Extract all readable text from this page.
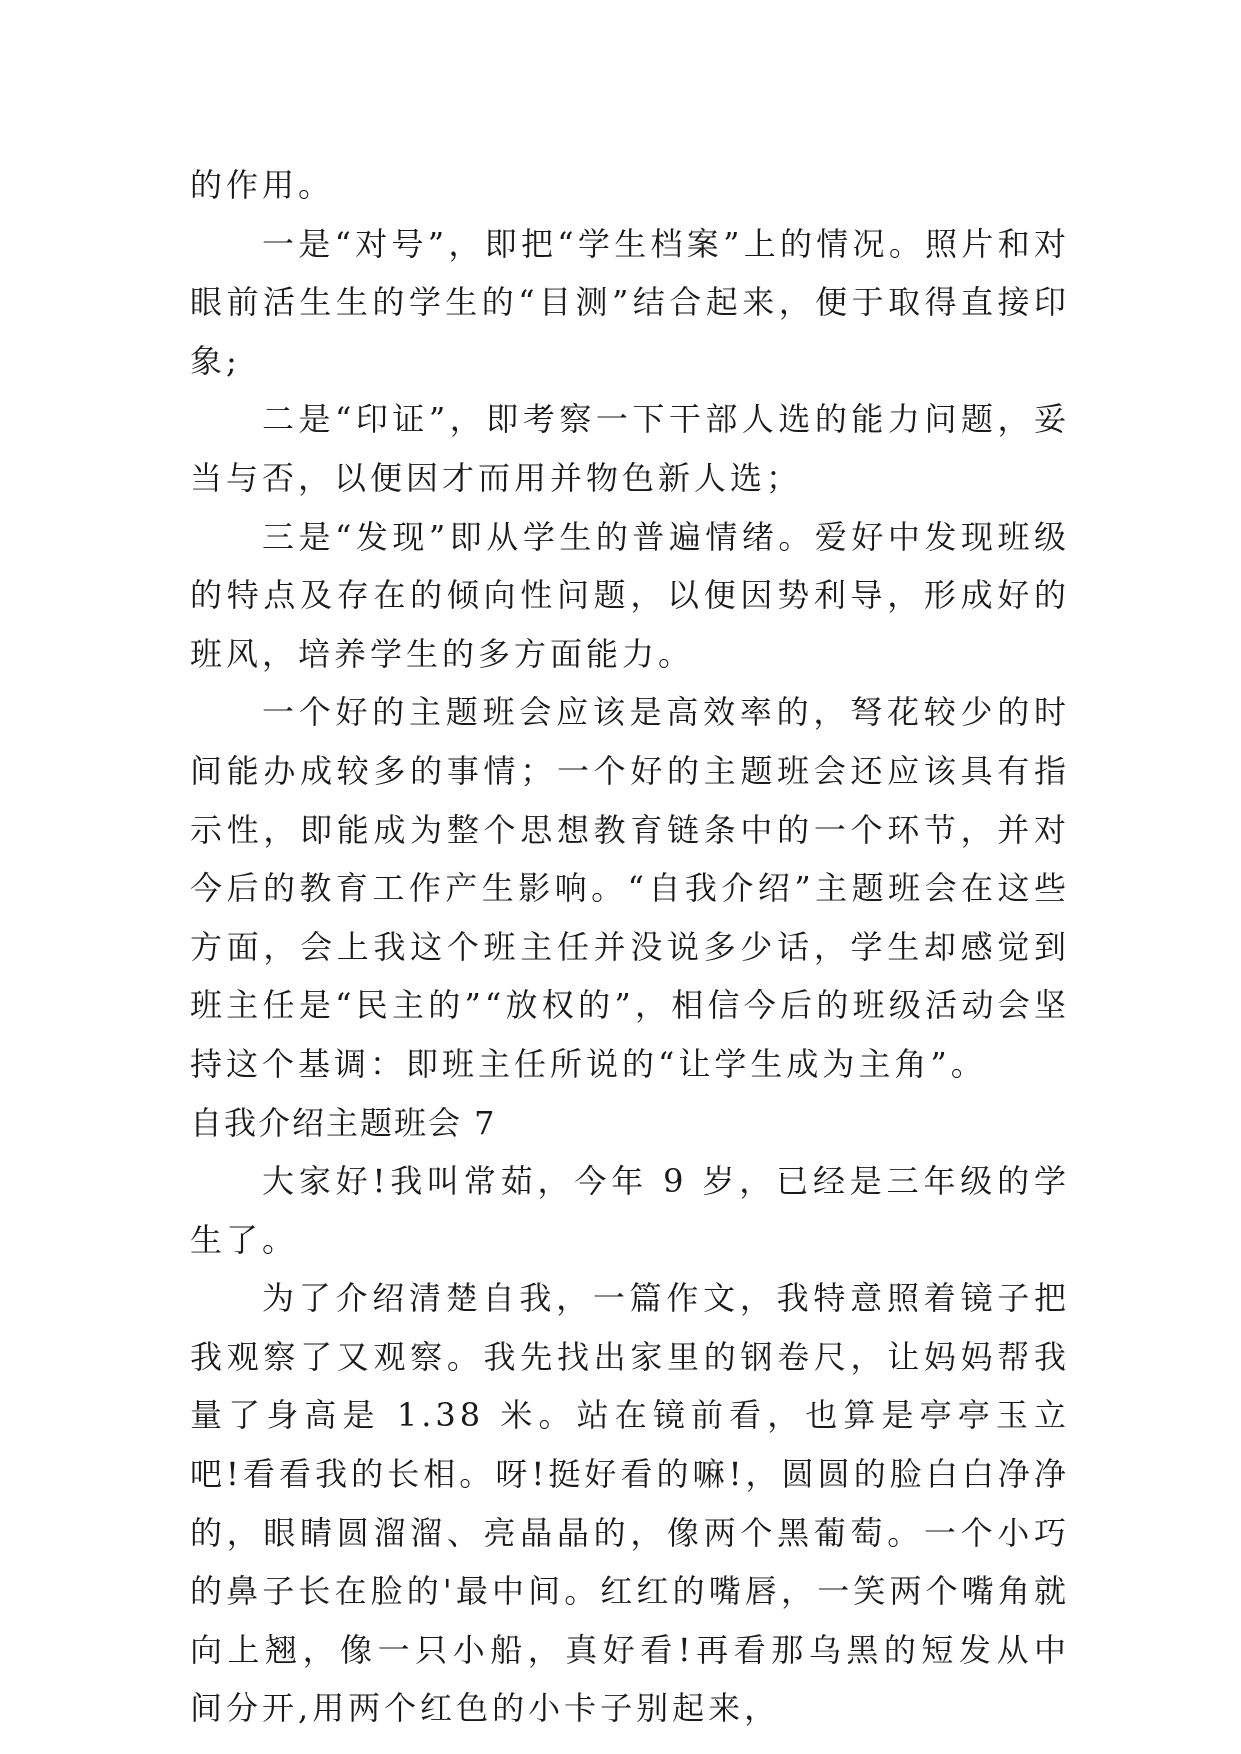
的作用。

一是“对号”，即把“学生档案”上的情况。照片和对眼前活生生的学生的“目测”结合起来，便于取得直接印象;

二是“印证”，即考察一下干部人选的能力问题，妥当与否，以便因才而用并物色新人选；

三是“发现”即从学生的普遍情绪。爱好中发现班级的特点及存在的倾向性问题，以便因势利导，形成好的班风，培养学生的多方面能力。

一个好的主题班会应该是高效率的，弩花较少的时间能办成较多的事情；一个好的主题班会还应该具有指示性，即能成为整个思想教育链条中的一个环节，并对今后的教育工作产生影响。“自我介绍”主题班会在这些方面，会上我这个班主任并没说多少话，学生却感觉到班主任是“民主的”“放权的”，相信今后的班级活动会坚持这个基调：即班主任所说的“让学生成为主角”。

自我介绍主题班会 7

大家好!我叫常茹，今年 9 岁，已经是三年级的学生了。

为了介绍清楚自我，一篇作文，我特意照着镜子把我观察了又观察。我先找出家里的钢卷尺，让妈妈帮我量了身高是 1.38 米。站在镜前看，也算是亭亭玉立吧!看看我的长相。呀!挺好看的嘛!，圆圆的脸白白净净的，眼睛圆溜溜、亮晶晶的，像两个黑葡萄。一个小巧的鼻子长在脸的'最中间。红红的嘴唇，一笑两个嘴角就向上翘，像一只小船，真好看!再看那乌黑的短发从中间分开,用两个红色的小卡子别起来，
